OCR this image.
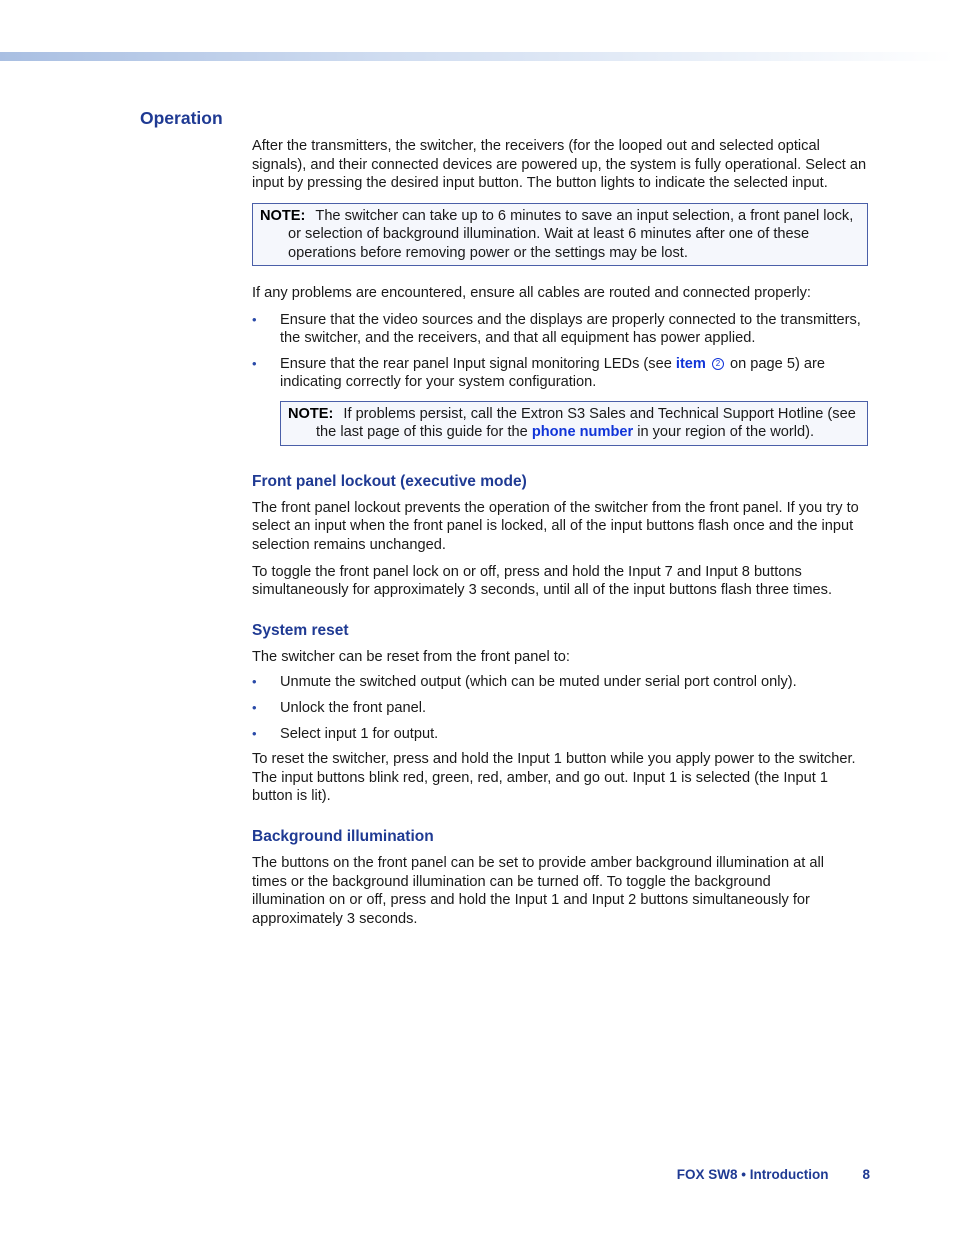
Operation

After the transmitters, the switcher, the receivers (for the looped out and selected optical signals), and their connected devices are powered up, the system is fully operational. Select an input by pressing the desired input button. The button lights to indicate the selected input.

NOTE: The switcher can take up to 6 minutes to save an input selection, a front panel lock, or selection of background illumination. Wait at least 6 minutes after one of these operations before removing power or the settings may be lost.

If any problems are encountered, ensure all cables are routed and connected properly:

• Ensure that the video sources and the displays are properly connected to the transmitters, the switcher, and the receivers, and that all equipment has power applied.
• Ensure that the rear panel Input signal monitoring LEDs (see item 2 on page 5) are indicating correctly for your system configuration.
NOTE: If problems persist, call the Extron S3 Sales and Technical Support Hotline (see the last page of this guide for the phone number in your region of the world).
Front panel lockout (executive mode)

The front panel lockout prevents the operation of the switcher from the front panel. If you try to select an input when the front panel is locked, all of the input buttons flash once and the input selection remains unchanged.

To toggle the front panel lock on or off, press and hold the Input 7 and Input 8 buttons simultaneously for approximately 3 seconds, until all of the input buttons flash three times.

System reset

The switcher can be reset from the front panel to:

• Unmute the switched output (which can be muted under serial port control only).
• Unlock the front panel.
• Select input 1 for output.

To reset the switcher, press and hold the Input 1 button while you apply power to the switcher. The input buttons blink red, green, red, amber, and go out. Input 1 is selected (the Input 1 button is lit).

Background illumination

The buttons on the front panel can be set to provide amber background illumination at all times or the background illumination can be turned off. To toggle the background illumination on or off, press and hold the Input 1 and Input 2 buttons simultaneously for approximately 3 seconds.

FOX SW8 • Introduction	8
